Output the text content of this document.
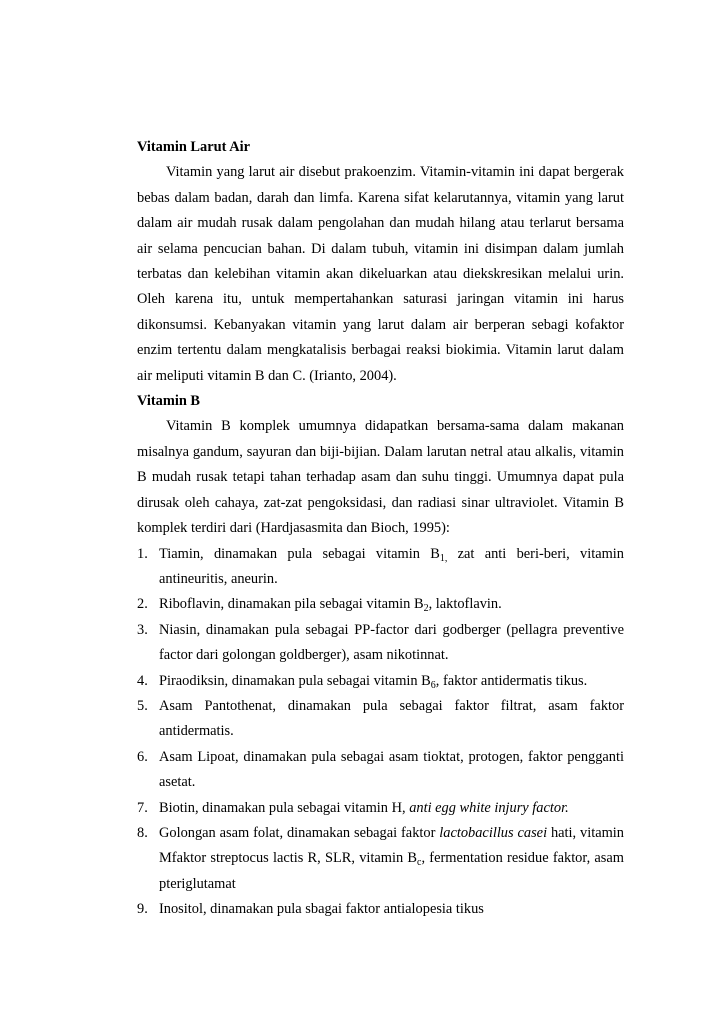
Vitamin Larut Air

Vitamin yang larut air disebut prakoenzim. Vitamin-vitamin ini dapat bergerak bebas dalam badan, darah dan limfa. Karena sifat kelarutannya, vitamin yang larut dalam air mudah rusak dalam pengolahan dan mudah hilang atau terlarut bersama air selama pencucian bahan. Di dalam tubuh, vitamin ini disimpan dalam jumlah terbatas dan kelebihan vitamin akan dikeluarkan atau diekskresikan melalui urin. Oleh karena itu, untuk mempertahankan saturasi jaringan vitamin ini harus dikonsumsi. Kebanyakan vitamin yang larut dalam air berperan sebagi kofaktor enzim tertentu dalam mengkatalisis berbagai reaksi biokimia. Vitamin larut dalam air meliputi vitamin B dan C. (Irianto, 2004).

Vitamin B

Vitamin B komplek umumnya didapatkan bersama-sama dalam makanan misalnya gandum, sayuran dan biji-bijian. Dalam larutan netral atau alkalis, vitamin B mudah rusak tetapi tahan terhadap asam dan suhu tinggi. Umumnya dapat pula dirusak oleh cahaya, zat-zat pengoksidasi, dan radiasi sinar ultraviolet. Vitamin B komplek terdiri dari (Hardjasasmita dan Bioch, 1995):

1. Tiamin, dinamakan pula sebagai vitamin $B_{1,}$ zat anti beri-beri, vitamin antineuritis, aneurin.
2. Riboflavin, dinamakan pila sebagai vitamin $B_2$, laktoflavin.
3. Niasin, dinamakan pula sebagai PP-factor dari godberger (pellagra preventive factor dari golongan goldberger), asam nikotinnat.
4. Piraodiksin, dinamakan pula sebagai vitamin $B_6$, faktor antidermatis tikus.
5. Asam Pantothenat, dinamakan pula sebagai faktor filtrat, asam faktor antidermatis.
6. Asam Lipoat, dinamakan pula sebagai asam tioktat, protogen, faktor pengganti asetat.
7. Biotin, dinamakan pula sebagai vitamin H, anti egg white injury factor.
8. Golongan asam folat, dinamakan sebagai faktor lactobacillus casei hati, vitamin Mfaktor streptocus lactis R, SLR, vitamin $B_c$, fermentation residue faktor, asam pteriglutamat
9. Inositol, dinamakan pula sbagai faktor antialopesia tikus
